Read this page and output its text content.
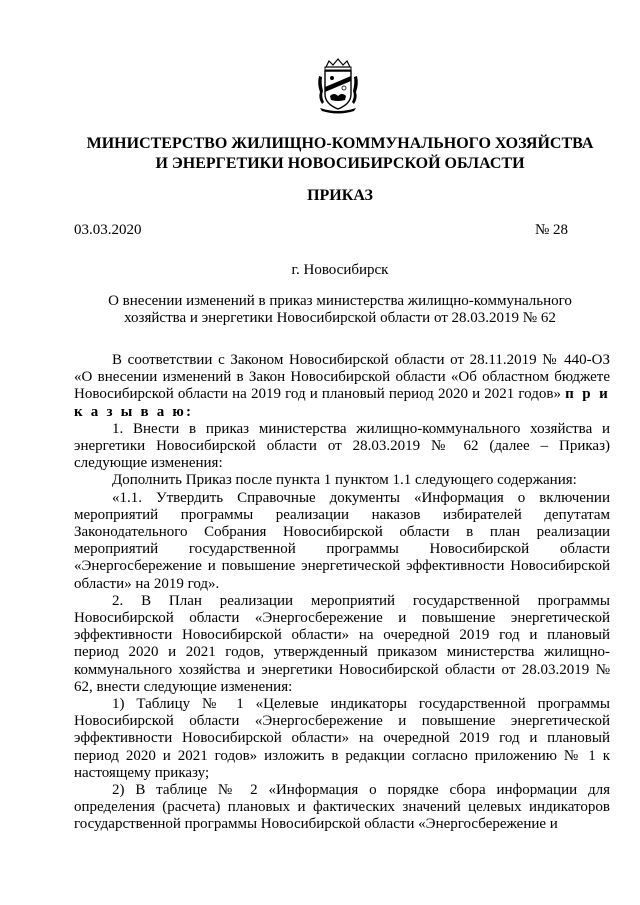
МИНИСТЕРСТВО ЖИЛИЩНО-КОММУНАЛЬНОГО ХОЗЯЙСТВА
И ЭНЕРГЕТИКИ НОВОСИБИРСКОЙ ОБЛАСТИ
ПРИКАЗ
03.03.2020	№ 28
г. Новосибирск
О внесении изменений в приказ министерства жилищно-коммунального
хозяйства и энергетики Новосибирской области от 28.03.2019 № 62

В соответствии с Законом Новосибирской области от 28.11.2019 № 440-ОЗ «О внесении изменений в Закон Новосибирской области «Об областном бюджете Новосибирской области на 2019 год и плановый период 2020 и 2021 годов» п р и к а з ы в а ю:

1. Внести в приказ министерства жилищно-коммунального хозяйства и энергетики Новосибирской области от 28.03.2019 № 62 (далее – Приказ) следующие изменения:

Дополнить Приказ после пункта 1 пунктом 1.1 следующего содержания:

«1.1. Утвердить Справочные документы «Информация о включении мероприятий программы реализации наказов избирателей депутатам Законодательного Собрания Новосибирской области в план реализации мероприятий государственной программы Новосибирской области «Энергосбережение и повышение энергетической эффективности Новосибирской области» на 2019 год».

2. В План реализации мероприятий государственной программы Новосибирской области «Энергосбережение и повышение энергетической эффективности Новосибирской области» на очередной 2019 год и плановый период 2020 и 2021 годов, утвержденный приказом министерства жилищно-коммунального хозяйства и энергетики Новосибирской области от 28.03.2019 № 62, внести следующие изменения:

1) Таблицу № 1 «Целевые индикаторы государственной программы Новосибирской области «Энергосбережение и повышение энергетической эффективности Новосибирской области» на очередной 2019 год и плановый период 2020 и 2021 годов» изложить в редакции согласно приложению № 1 к настоящему приказу;

2) В таблице № 2 «Информация о порядке сбора информации для определения (расчета) плановых и фактических значений целевых индикаторов государственной программы Новосибирской области «Энергосбережение и
